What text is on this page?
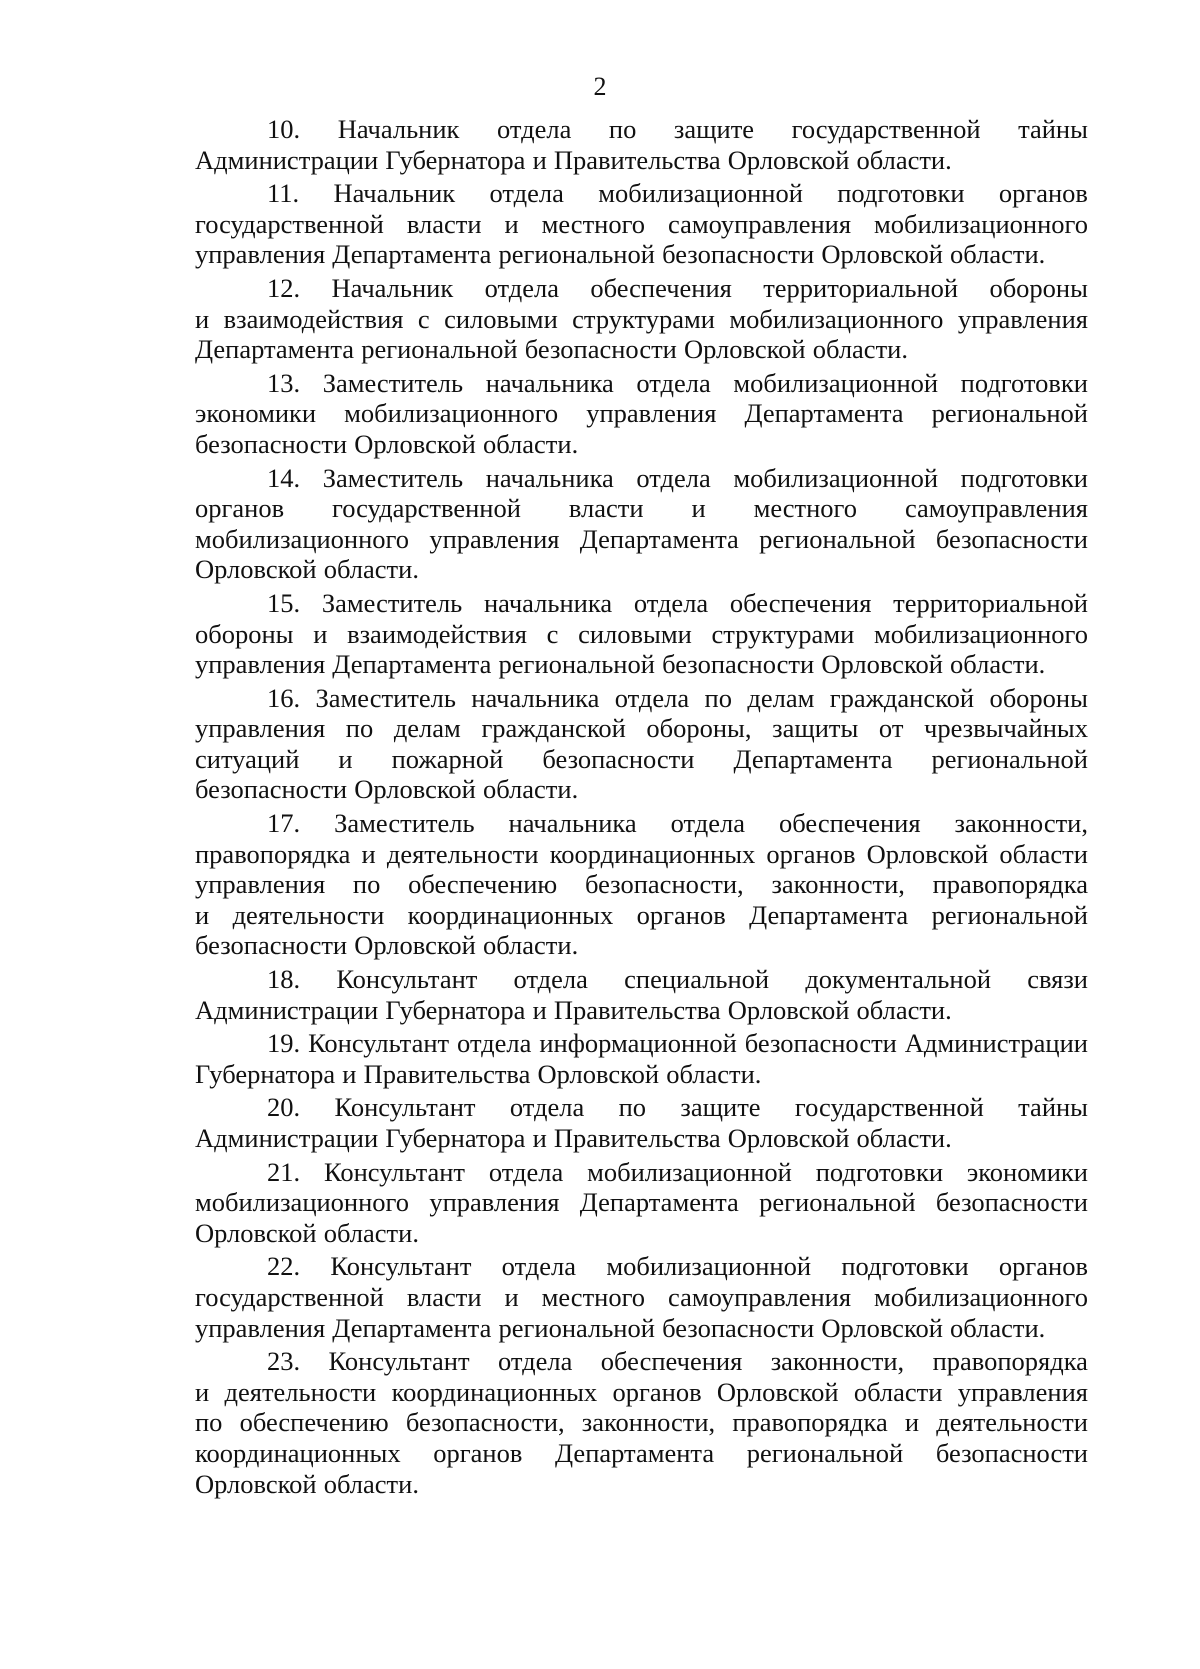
2
10. Начальник отдела по защите государственной тайны
Администрации Губернатора и Правительства Орловской области.
11. Начальник отдела мобилизационной подготовки органов
государственной власти и местного самоуправления мобилизационного
управления Департамента региональной безопасности Орловской области.
12. Начальник отдела обеспечения территориальной обороны
и взаимодействия с силовыми структурами мобилизационного управления
Департамента региональной безопасности Орловской области.
13. Заместитель начальника отдела мобилизационной подготовки
экономики мобилизационного управления Департамента региональной
безопасности Орловской области.
14. Заместитель начальника отдела мобилизационной подготовки
органов государственной власти и местного самоуправления
мобилизационного управления Департамента региональной безопасности
Орловской области.
15. Заместитель начальника отдела обеспечения территориальной
обороны и взаимодействия с силовыми структурами мобилизационного
управления Департамента региональной безопасности Орловской области.
16. Заместитель начальника отдела по делам гражданской обороны
управления по делам гражданской обороны, защиты от чрезвычайных
ситуаций и пожарной безопасности Департамента региональной
безопасности Орловской области.
17. Заместитель начальника отдела обеспечения законности,
правопорядка и деятельности координационных органов Орловской области
управления по обеспечению безопасности, законности, правопорядка
и деятельности координационных органов Департамента региональной
безопасности Орловской области.
18. Консультант отдела специальной документальной связи
Администрации Губернатора и Правительства Орловской области.
19. Консультант отдела информационной безопасности Администрации
Губернатора и Правительства Орловской области.
20. Консультант отдела по защите государственной тайны
Администрации Губернатора и Правительства Орловской области.
21. Консультант отдела мобилизационной подготовки экономики
мобилизационного управления Департамента региональной безопасности
Орловской области.
22. Консультант отдела мобилизационной подготовки органов
государственной власти и местного самоуправления мобилизационного
управления Департамента региональной безопасности Орловской области.
23. Консультант отдела обеспечения законности, правопорядка
и деятельности координационных органов Орловской области управления
по обеспечению безопасности, законности, правопорядка и деятельности
координационных органов Департамента региональной безопасности
Орловской области.
